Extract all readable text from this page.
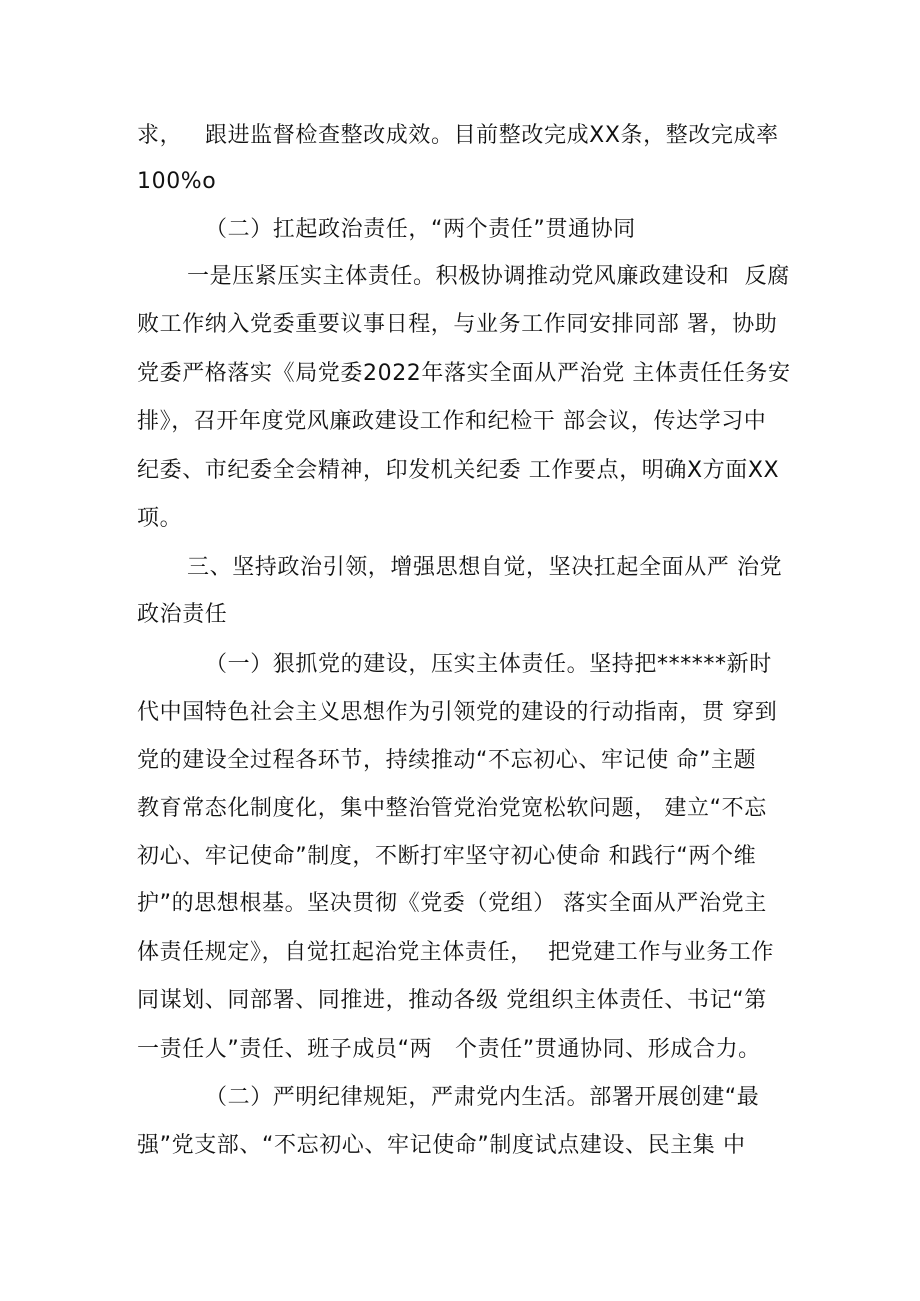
求，   跟进监督检查整改成效。目前整改完成XX条，整改完成率
100%o
（二）扛起政治责任，“两个责任”贯通协同
一是压紧压实主体责任。积极协调推动党风廉政建设和  反腐
败工作纳入党委重要议事日程，与业务工作同安排同部 署，协助
党委严格落实《局党委2022年落实全面从严治党 主体责任任务安
排》，召开年度党风廉政建设工作和纪检干 部会议，传达学习中
纪委、市纪委全会精神，印发机关纪委 工作要点，明确X方面XX
项。
三、坚持政治引领，增强思想自觉，坚决扛起全面从严 治党
政治责任
（一）狠抓党的建设，压实主体责任。坚持把******新时
代中国特色社会主义思想作为引领党的建设的行动指南，贯 穿到
党的建设全过程各环节，持续推动“不忘初心、牢记使 命”主题
教育常态化制度化，集中整治管党治党宽松软问题， 建立“不忘
初心、牢记使命”制度，不断打牢坚守初心使命 和践行“两个维
护”的思想根基。坚决贯彻《党委（党组） 落实全面从严治党主
体责任规定》，自觉扛起治党主体责任，  把党建工作与业务工作
同谋划、同部署、同推进，推动各级 党组织主体责任、书记“第
一责任人”责任、班子成员“两   个责任”贯通协同、形成合力。
（二）严明纪律规矩，严肃党内生活。部署开展创建“最
强”党支部、“不忘初心、牢记使命”制度试点建设、民主集 中
